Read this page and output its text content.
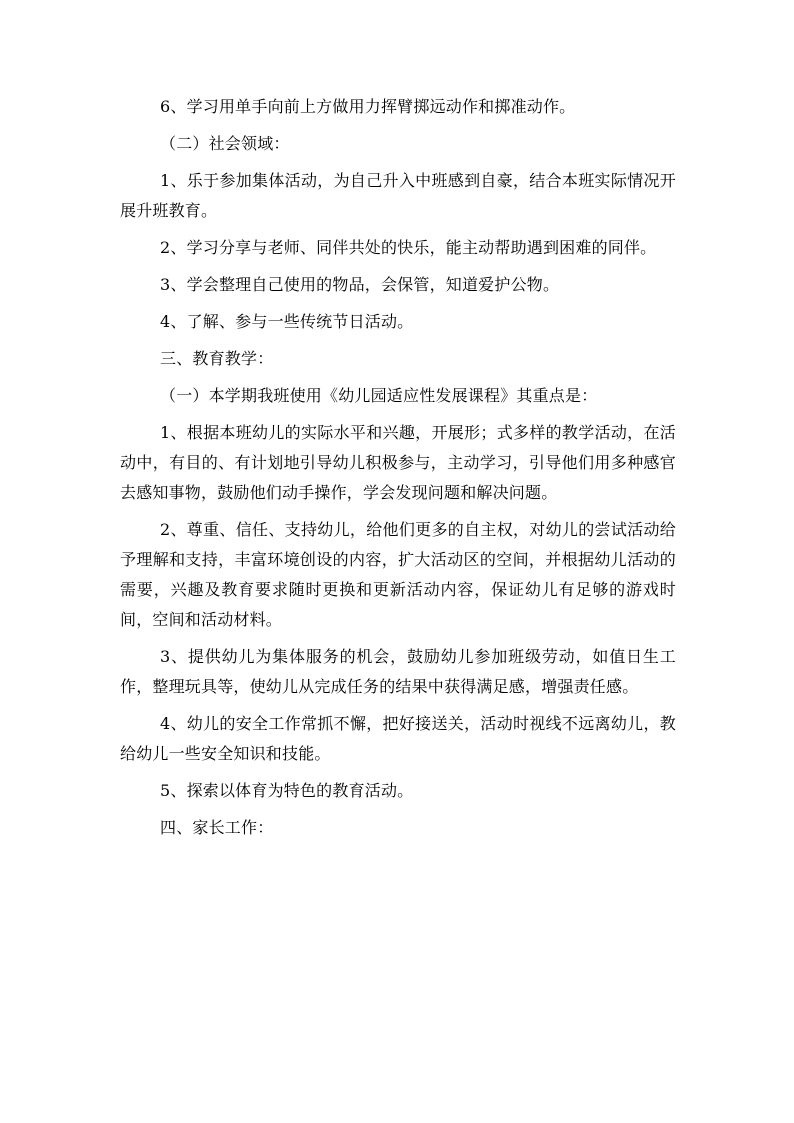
6、学习用单手向前上方做用力挥臂掷远动作和掷准动作。

（二）社会领域：

1、乐于参加集体活动，为自己升入中班感到自豪，结合本班实际情况开展升班教育。

2、学习分享与老师、同伴共处的快乐，能主动帮助遇到困难的同伴。

3、学会整理自己使用的物品，会保管，知道爱护公物。

4、了解、参与一些传统节日活动。

三、教育教学：

（一）本学期我班使用《幼儿园适应性发展课程》其重点是：

1、根据本班幼儿的实际水平和兴趣，开展形；式多样的教学活动，在活动中，有目的、有计划地引导幼儿积极参与，主动学习，引导他们用多种感官去感知事物，鼓励他们动手操作，学会发现问题和解决问题。

2、尊重、信任、支持幼儿，给他们更多的自主权，对幼儿的尝试活动给予理解和支持，丰富环境创设的内容，扩大活动区的空间，并根据幼儿活动的需要，兴趣及教育要求随时更换和更新活动内容，保证幼儿有足够的游戏时间，空间和活动材料。

3、提供幼儿为集体服务的机会，鼓励幼儿参加班级劳动，如值日生工作，整理玩具等，使幼儿从完成任务的结果中获得满足感，增强责任感。

4、幼儿的安全工作常抓不懈，把好接送关，活动时视线不远离幼儿，教给幼儿一些安全知识和技能。

5、探索以体育为特色的教育活动。

四、家长工作：
